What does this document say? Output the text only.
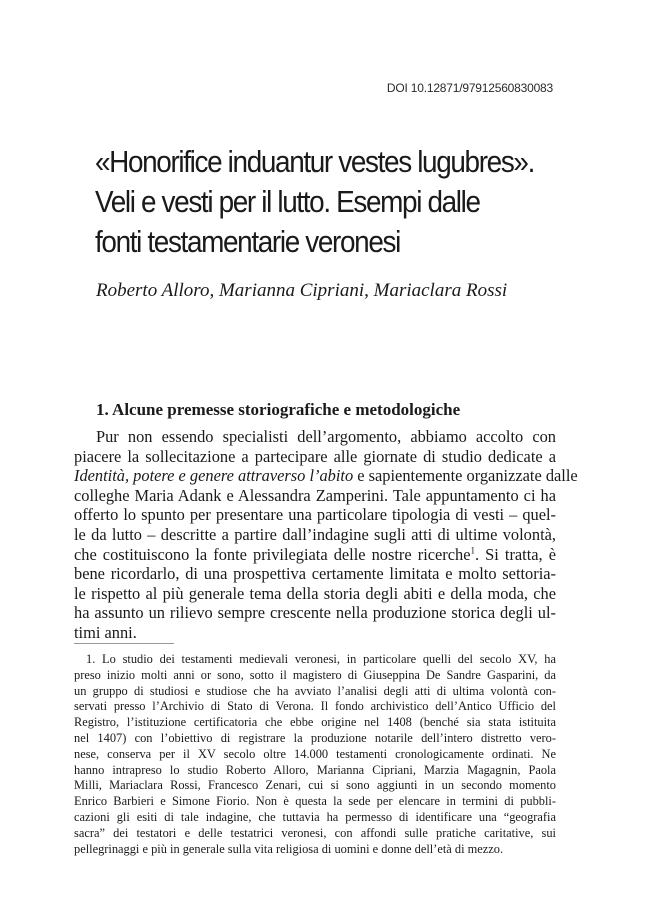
DOI 10.12871/97912560830083
«Honorifice induantur vestes lugubres».
Veli e vesti per il lutto. Esempi dalle
fonti testamentarie veronesi
Roberto Alloro, Marianna Cipriani, Mariaclara Rossi
1. Alcune premesse storiografiche e metodologiche
Pur non essendo specialisti dell’argomento, abbiamo accolto con
piacere la sollecitazione a partecipare alle giornate di studio dedicate a
Identità, potere e genere attraverso l’abito e sapientemente organizzate dalle
colleghe Maria Adank e Alessandra Zamperini. Tale appuntamento ci ha
offerto lo spunto per presentare una particolare tipologia di vesti – quel-
le da lutto – descritte a partire dall’indagine sugli atti di ultime volontà,
che costituiscono la fonte privilegiata delle nostre ricerche$^1$. Si tratta, è
bene ricordarlo, di una prospettiva certamente limitata e molto settoria-
le rispetto al più generale tema della storia degli abiti e della moda, che
ha assunto un rilievo sempre crescente nella produzione storica degli ul-
timi anni.
1. Lo studio dei testamenti medievali veronesi, in particolare quelli del secolo XV, ha
preso inizio molti anni or sono, sotto il magistero di Giuseppina De Sandre Gasparini, da
un gruppo di studiosi e studiose che ha avviato l’analisi degli atti di ultima volontà con-
servati presso l’Archivio di Stato di Verona. Il fondo archivistico dell’Antico Ufficio del
Registro, l’istituzione certificatoria che ebbe origine nel 1408 (benché sia stata istituita
nel 1407) con l’obiettivo di registrare la produzione notarile dell’intero distretto vero-
nese, conserva per il XV secolo oltre 14.000 testamenti cronologicamente ordinati. Ne
hanno intrapreso lo studio Roberto Alloro, Marianna Cipriani, Marzia Magagnin, Paola
Milli, Mariaclara Rossi, Francesco Zenari, cui si sono aggiunti in un secondo momento
Enrico Barbieri e Simone Fiorio. Non è questa la sede per elencare in termini di pubbli-
cazioni gli esiti di tale indagine, che tuttavia ha permesso di identificare una “geografia
sacra” dei testatori e delle testatrici veronesi, con affondi sulle pratiche caritative, sui
pellegrinaggi e più in generale sulla vita religiosa di uomini e donne dell’età di mezzo.
